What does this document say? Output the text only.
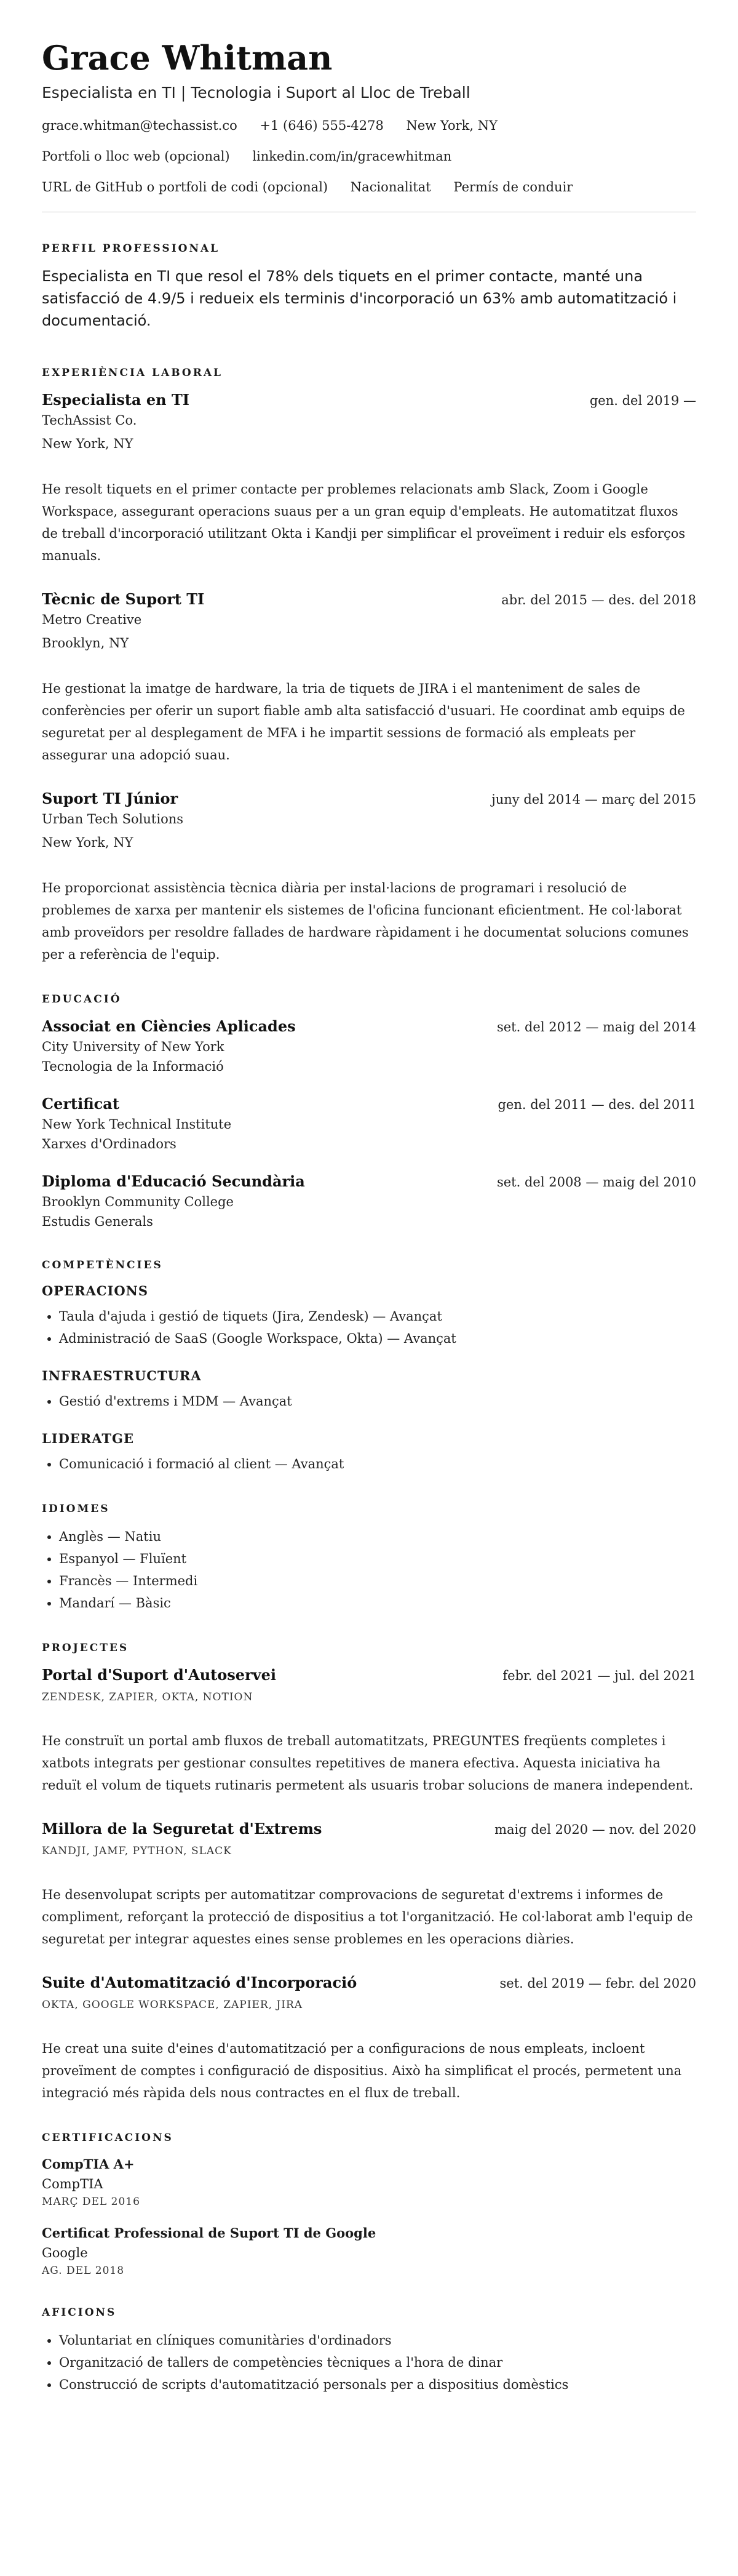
Grace Whitman
Especialista en TI | Tecnologia i Suport al Lloc de Treball
grace.whitman@techassist.co +1 (646) 555-4278 New York, NY
Portfoli o lloc web (opcional) linkedin.com/in/gracewhitman
URL de GitHub o portfoli de codi (opcional) Nacionalitat Permís de conduir
PERFIL PROFESSIONAL

Especialista en TI que resol el 78% dels tiquets en el primer contacte, manté una satisfacció de 4.9/5 i redueix els terminis d'incorporació un 63% amb automatització i documentació.

EXPERIÈNCIA LABORAL
Especialista en TI	gen. del 2019 —
TechAssist Co.
New York, NY
He resolt tiquets en el primer contacte per problemes relacionats amb Slack, Zoom i Google Workspace, assegurant operacions suaus per a un gran equip d'empleats. He automatitzat fluxos de treball d'incorporació utilitzant Okta i Kandji per simplificar el proveïment i reduir els esforços manuals.
Tècnic de Suport TI	abr. del 2015 — des. del 2018
Metro Creative
Brooklyn, NY
He gestionat la imatge de hardware, la tria de tiquets de JIRA i el manteniment de sales de conferències per oferir un suport fiable amb alta satisfacció d'usuari. He coordinat amb equips de seguretat per al desplegament de MFA i he impartit sessions de formació als empleats per assegurar una adopció suau.
Suport TI Júnior	juny del 2014 — març del 2015
Urban Tech Solutions
New York, NY
He proporcionat assistència tècnica diària per instal·lacions de programari i resolució de problemes de xarxa per mantenir els sistemes de l'oficina funcionant eficientment. He col·laborat amb proveïdors per resoldre fallades de hardware ràpidament i he documentat solucions comunes per a referència de l'equip.
EDUCACIÓ
Associat en Ciències Aplicades	set. del 2012 — maig del 2014
City University of New York
Tecnologia de la Informació
Certificat	gen. del 2011 — des. del 2011
New York Technical Institute
Xarxes d'Ordinadors
Diploma d'Educació Secundària	set. del 2008 — maig del 2010
Brooklyn Community College
Estudis Generals
COMPETÈNCIES
OPERACIONS
• Taula d'ajuda i gestió de tiquets (Jira, Zendesk) — Avançat
• Administració de SaaS (Google Workspace, Okta) — Avançat
INFRAESTRUCTURA
• Gestió d'extrems i MDM — Avançat
LIDERATGE
• Comunicació i formació al client — Avançat
IDIOMES
• Anglès — Natiu
• Espanyol — Fluïent
• Francès — Intermedi
• Mandarí — Bàsic
PROJECTES
Portal d'Suport d'Autoservei	febr. del 2021 — jul. del 2021
ZENDESK, ZAPIER, OKTA, NOTION
He construït un portal amb fluxos de treball automatitzats, PREGUNTES freqüents completes i xatbots integrats per gestionar consultes repetitives de manera efectiva. Aquesta iniciativa ha reduït el volum de tiquets rutinaris permetent als usuaris trobar solucions de manera independent.
Millora de la Seguretat d'Extrems	maig del 2020 — nov. del 2020
KANDJI, JAMF, PYTHON, SLACK
He desenvolupat scripts per automatitzar comprovacions de seguretat d'extrems i informes de compliment, reforçant la protecció de dispositius a tot l'organització. He col·laborat amb l'equip de seguretat per integrar aquestes eines sense problemes en les operacions diàries.
Suite d'Automatització d'Incorporació	set. del 2019 — febr. del 2020
OKTA, GOOGLE WORKSPACE, ZAPIER, JIRA
He creat una suite d'eines d'automatització per a configuracions de nous empleats, incloent proveïment de comptes i configuració de dispositius. Això ha simplificat el procés, permetent una integració més ràpida dels nous contractes en el flux de treball.
CERTIFICACIONS
CompTIA A+
CompTIA
MARÇ DEL 2016
Certificat Professional de Suport TI de Google
Google
AG. DEL 2018
AFICIONS
• Voluntariat en clíniques comunitàries d'ordinadors
• Organització de tallers de competències tècniques a l'hora de dinar
• Construcció de scripts d'automatització personals per a dispositius domèstics
